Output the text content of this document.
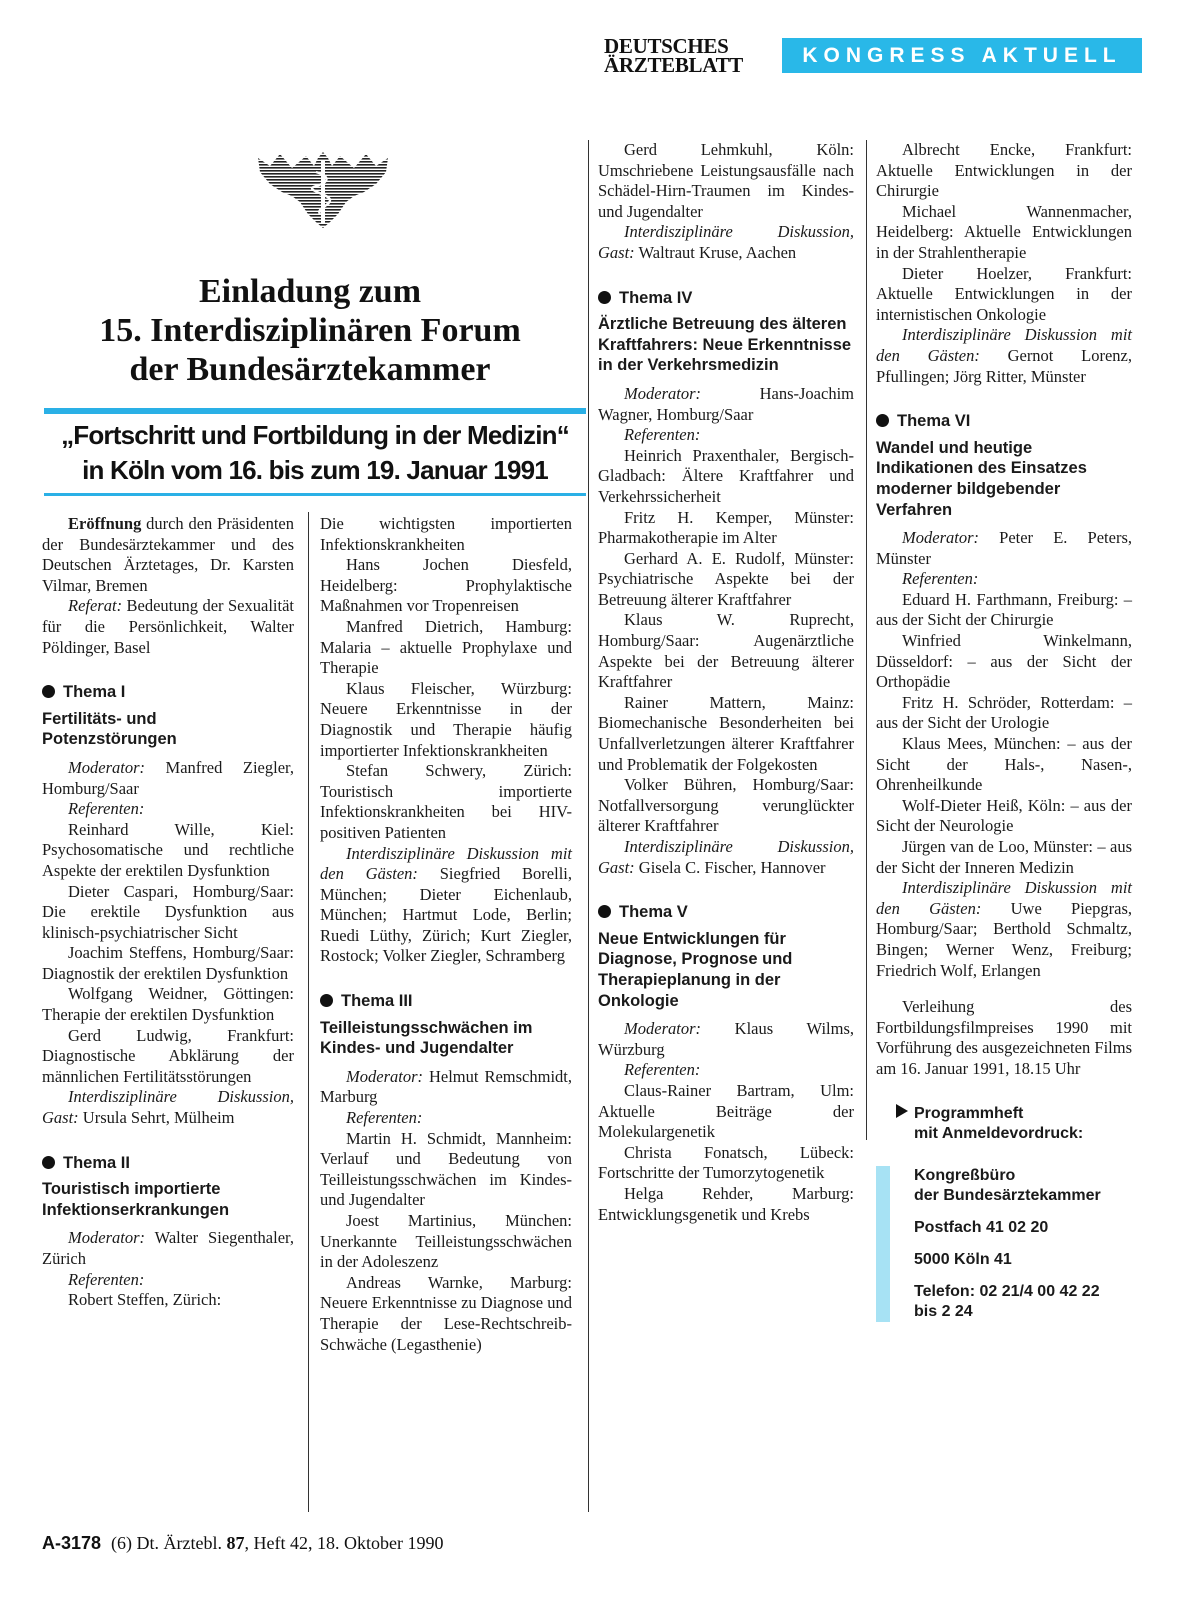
DEUTSCHES
ÄRZTEBLATT	KONGRESS AKTUELL
Einladung zum
15. Interdisziplinären Forum
der Bundesärztekammer
„Fortschritt und Fortbildung in der Medizin“
in Köln vom 16. bis zum 19. Januar 1991

Eröffnung durch den Präsidenten der Bundesärztekammer und des Deutschen Ärztetages, Dr. Karsten Vilmar, Bremen

Referat: Bedeutung der Sexualität für die Persönlichkeit, Walter Pöldinger, Basel

Thema I
Fertilitäts- und Potenzstörungen

Moderator: Manfred Ziegler, Homburg/Saar

Referenten:

Reinhard Wille, Kiel: Psychosomatische und rechtliche Aspekte der erektilen Dysfunktion

Dieter Caspari, Homburg/Saar: Die erektile Dysfunktion aus klinisch-psychiatrischer Sicht

Joachim Steffens, Homburg/Saar: Diagnostik der erektilen Dysfunktion

Wolfgang Weidner, Göttingen: Therapie der erektilen Dysfunktion

Gerd Ludwig, Frankfurt: Diagnostische Abklärung der männlichen Fertilitätsstörungen

Interdisziplinäre Diskussion, Gast: Ursula Sehrt, Mülheim

Thema II
Touristisch importierte Infektionserkrankungen

Moderator: Walter Siegenthaler, Zürich

Referenten:

Robert Steffen, Zürich:

Die wichtigsten importierten Infektionskrankheiten

Hans Jochen Diesfeld, Heidelberg: Prophylaktische Maßnahmen vor Tropenreisen

Manfred Dietrich, Hamburg: Malaria – aktuelle Prophylaxe und Therapie

Klaus Fleischer, Würzburg: Neuere Erkenntnisse in der Diagnostik und Therapie häufig importierter Infektionskrankheiten

Stefan Schwery, Zürich: Touristisch importierte Infektionskrankheiten bei HIV-positiven Patienten

Interdisziplinäre Diskussion mit den Gästen: Siegfried Borelli, München; Dieter Eichenlaub, München; Hartmut Lode, Berlin; Ruedi Lüthy, Zürich; Kurt Ziegler, Rostock; Volker Ziegler, Schramberg

Thema III
Teilleistungsschwächen im Kindes- und Jugendalter

Moderator: Helmut Remschmidt, Marburg

Referenten:

Martin H. Schmidt, Mannheim: Verlauf und Bedeutung von Teilleistungsschwächen im Kindes- und Jugendalter

Joest Martinius, München: Unerkannte Teilleistungsschwächen in der Adoleszenz

Andreas Warnke, Marburg: Neuere Erkenntnisse zu Diagnose und Therapie der Lese-Rechtschreib-Schwäche (Legasthenie)

Gerd Lehmkuhl, Köln: Umschriebene Leistungsausfälle nach Schädel-Hirn-Traumen im Kindes- und Jugendalter

Interdisziplinäre Diskussion, Gast: Waltraut Kruse, Aachen

Thema IV
Ärztliche Betreuung des älteren Kraftfahrers: Neue Erkenntnisse in der Verkehrsmedizin

Moderator: Hans-Joachim Wagner, Homburg/Saar

Referenten:

Heinrich Praxenthaler, Bergisch-Gladbach: Ältere Kraftfahrer und Verkehrssicherheit

Fritz H. Kemper, Münster: Pharmakotherapie im Alter

Gerhard A. E. Rudolf, Münster: Psychiatrische Aspekte bei der Betreuung älterer Kraftfahrer

Klaus W. Ruprecht, Homburg/Saar: Augenärztliche Aspekte bei der Betreuung älterer Kraftfahrer

Rainer Mattern, Mainz: Biomechanische Besonderheiten bei Unfallverletzungen älterer Kraftfahrer und Problematik der Folgekosten

Volker Bühren, Homburg/Saar: Notfallversorgung verunglückter älterer Kraftfahrer

Interdisziplinäre Diskussion, Gast: Gisela C. Fischer, Hannover

Thema V
Neue Entwicklungen für Diagnose, Prognose und Therapieplanung in der Onkologie

Moderator: Klaus Wilms, Würzburg

Referenten:

Claus-Rainer Bartram, Ulm: Aktuelle Beiträge der Molekulargenetik

Christa Fonatsch, Lübeck: Fortschritte der Tumorzytogenetik

Helga Rehder, Marburg: Entwicklungsgenetik und Krebs

Albrecht Encke, Frankfurt: Aktuelle Entwicklungen in der Chirurgie

Michael Wannenmacher, Heidelberg: Aktuelle Entwicklungen in der Strahlentherapie

Dieter Hoelzer, Frankfurt: Aktuelle Entwicklungen in der internistischen Onkologie

Interdisziplinäre Diskussion mit den Gästen: Gernot Lorenz, Pfullingen; Jörg Ritter, Münster

Thema VI
Wandel und heutige Indikationen des Einsatzes moderner bildgebender Verfahren

Moderator: Peter E. Peters, Münster

Referenten:

Eduard H. Farthmann, Freiburg: – aus der Sicht der Chirurgie

Winfried Winkelmann, Düsseldorf: – aus der Sicht der Orthopädie

Fritz H. Schröder, Rotterdam: – aus der Sicht der Urologie

Klaus Mees, München: – aus der Sicht der Hals-, Nasen-, Ohrenheilkunde

Wolf-Dieter Heiß, Köln: – aus der Sicht der Neurologie

Jürgen van de Loo, Münster: – aus der Sicht der Inneren Medizin

Interdisziplinäre Diskussion mit den Gästen: Uwe Piepgras, Homburg/Saar; Berthold Schmaltz, Bingen; Werner Wenz, Freiburg; Friedrich Wolf, Erlangen

Verleihung des Fortbildungsfilmpreises 1990 mit Vorführung des ausgezeichneten Films am 16. Januar 1991, 18.15 Uhr

Programmheft
mit Anmeldevordruck:

Kongreßbüro
der Bundesärztekammer

Postfach 41 02 20

5000 Köln 41

Telefon: 02 21/4 00 42 22
bis 2 24

A-3178 (6) Dt. Ärztebl. 87, Heft 42, 18. Oktober 1990
